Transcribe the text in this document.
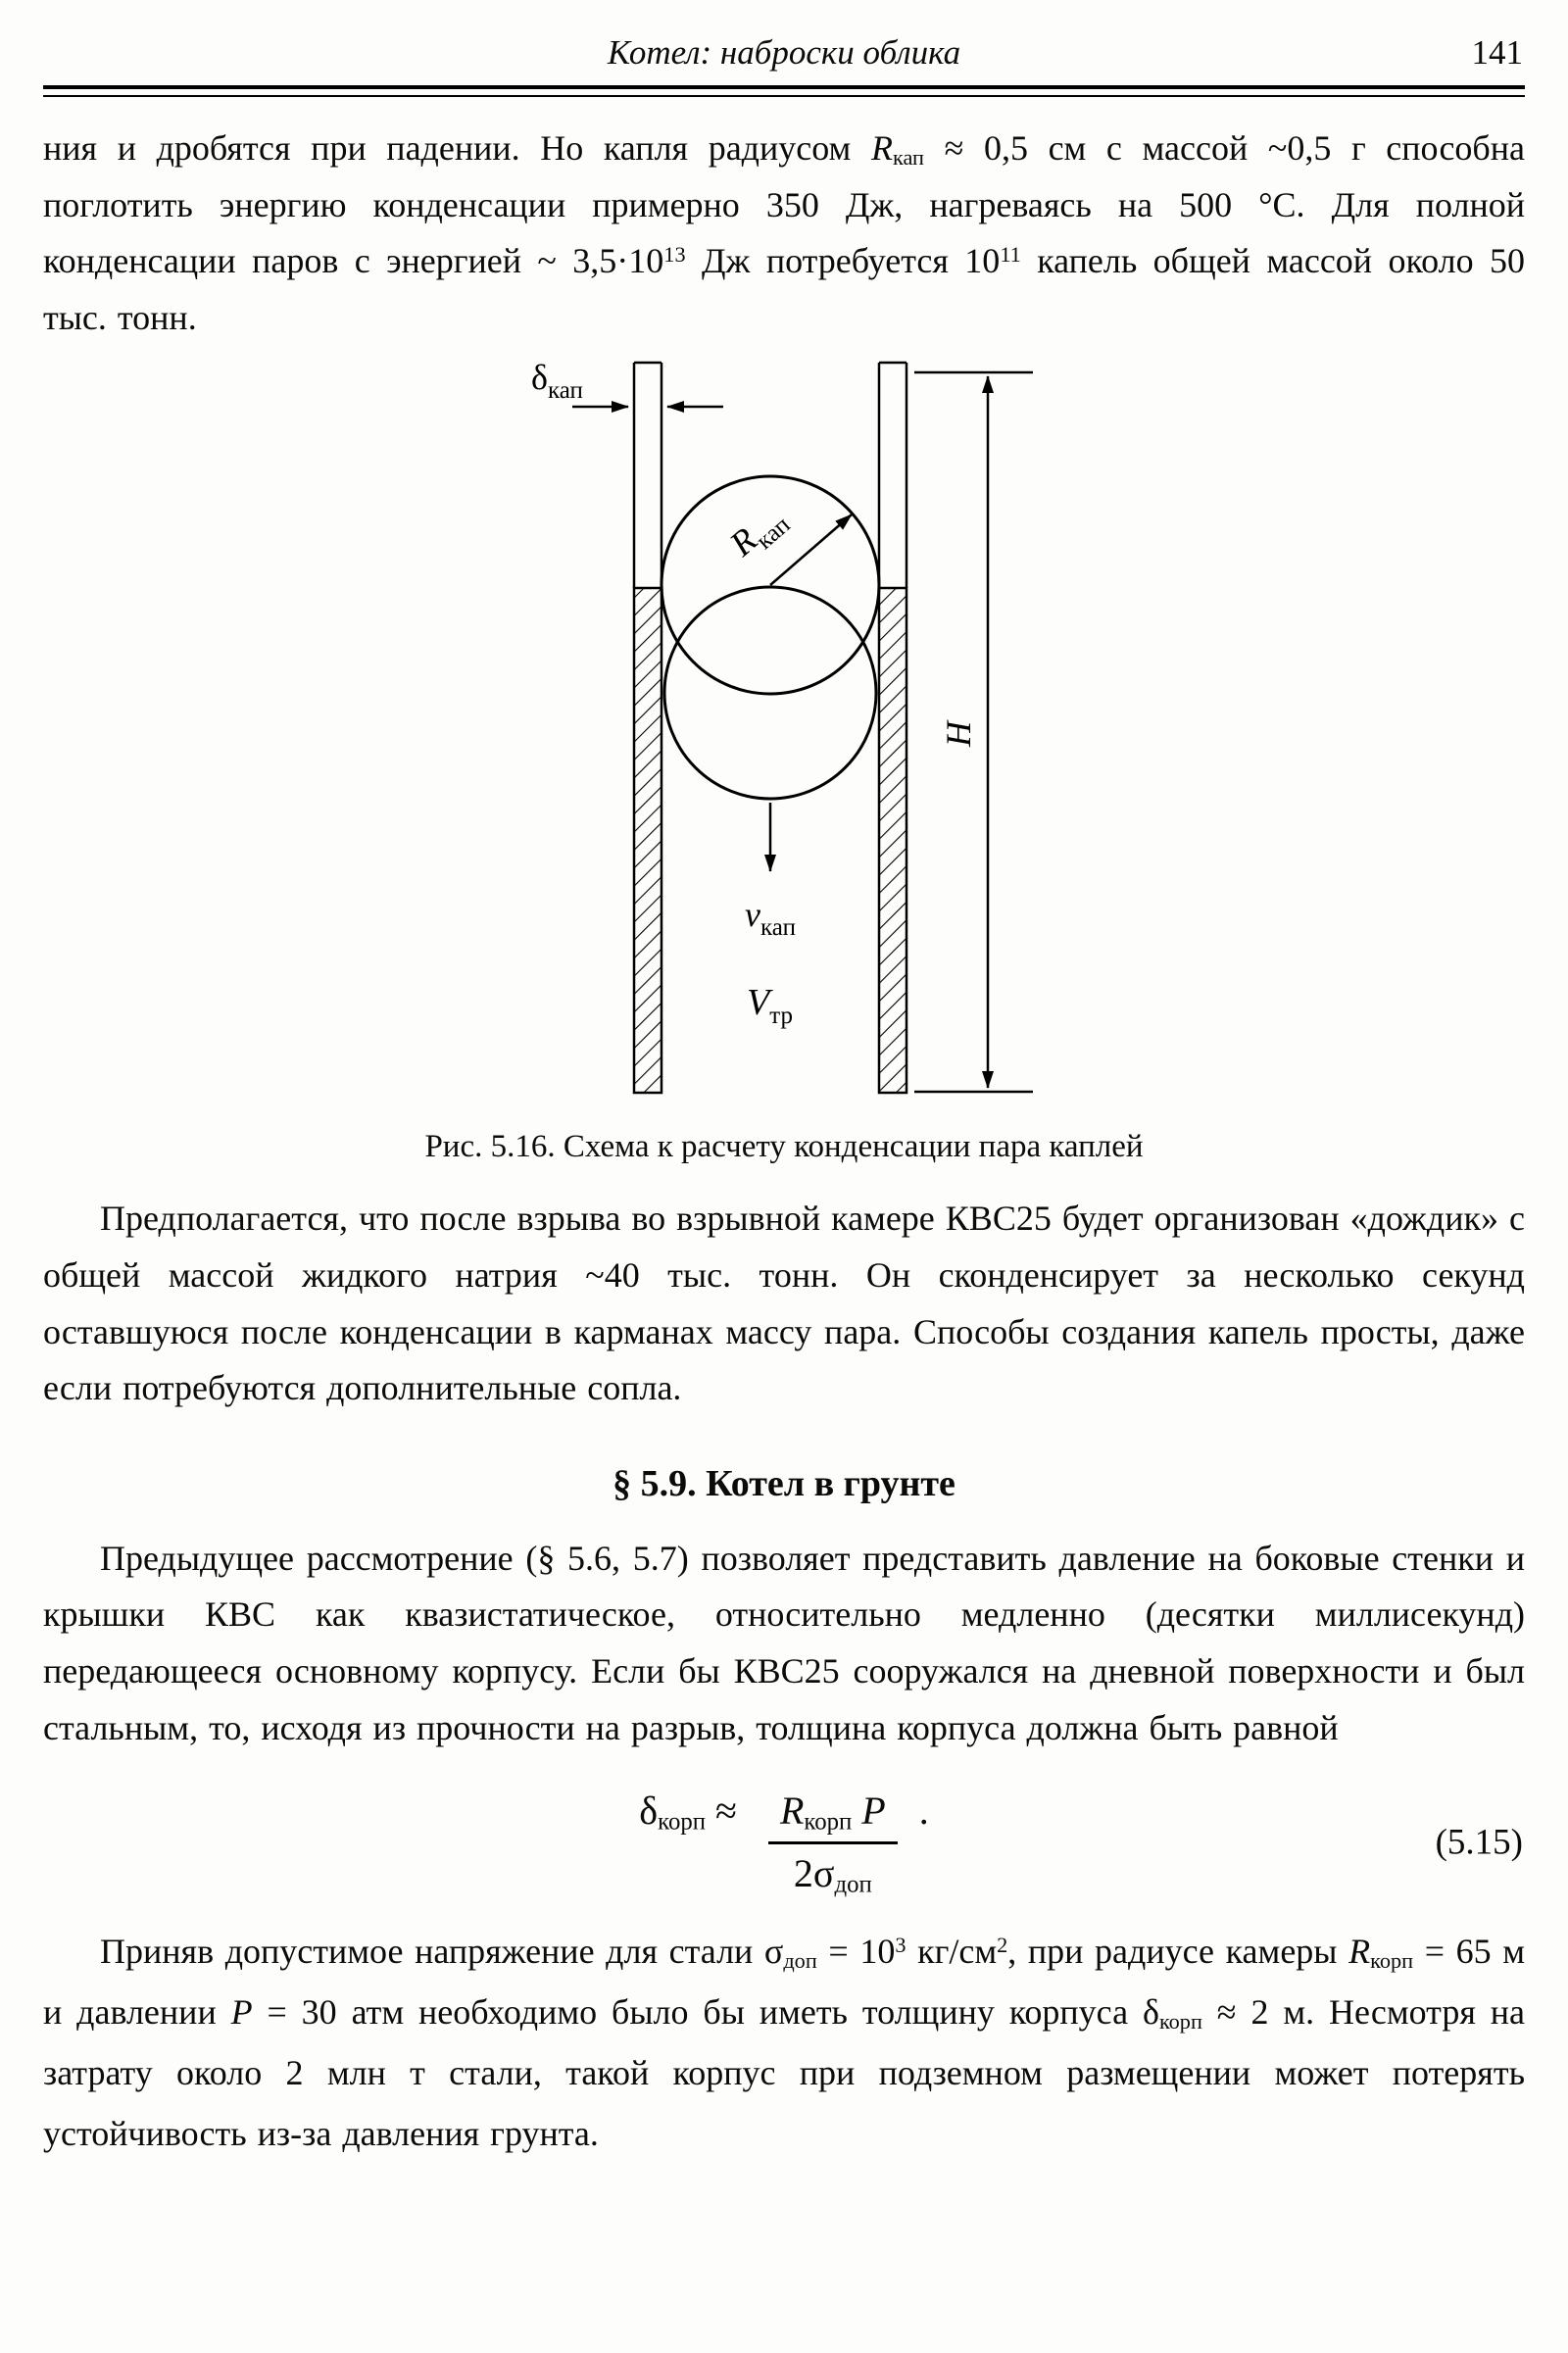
Котел: наброски облика	141

ния и дробятся при падении. Но капля радиусом $R_{кап} \approx 0,5$ см с массой ~0,5 г способна поглотить энергию конденсации примерно 350 Дж, нагреваясь на 500 °С. Для полной конденсации паров с энергией ~ $3,5\cdot 10^{13}$ Дж потребуется $10^{11}$ капель общей массой около 50 тыс. тонн.

$R_{кап}$
$\delta_{кап}$
$v_{кап}$
$V_{тр}$
H
Рис. 5.16. Схема к расчету конденсации пара каплей

Предполагается, что после взрыва во взрывной камере КВС25 будет организован «дождик» с общей массой жидкого натрия ~40 тыс. тонн. Он сконденсирует за несколько секунд оставшуюся после конденсации в карманах массу пара. Способы создания капель просты, даже если потребуются дополнительные сопла.

§ 5.9. Котел в грунте

Предыдущее рассмотрение (§ 5.6, 5.7) позволяет представить давление на боковые стенки и крышки КВС как квазистатическое, относительно медленно (десятки миллисекунд) передающееся основному корпусу. Если бы КВС25 сооружался на дневной поверхности и был стальным, то, исходя из прочности на разрыв, толщина корпуса должна быть равной

$\delta_{корп} \approx \frac{R_{корп} P}{2\sigma_{доп}}$ .
(5.15)

Приняв допустимое напряжение для стали $\sigma_{доп} = 10^3$ $кг/см^2$, при радиусе камеры $R_{корп} = 65$ м и давлении P = 30 атм необходимо было бы иметь толщину корпуса $\delta_{корп} \approx 2$ м. Несмотря на затрату около 2 млн т стали, такой корпус при подземном размещении может потерять устойчивость из-за давления грунта.
